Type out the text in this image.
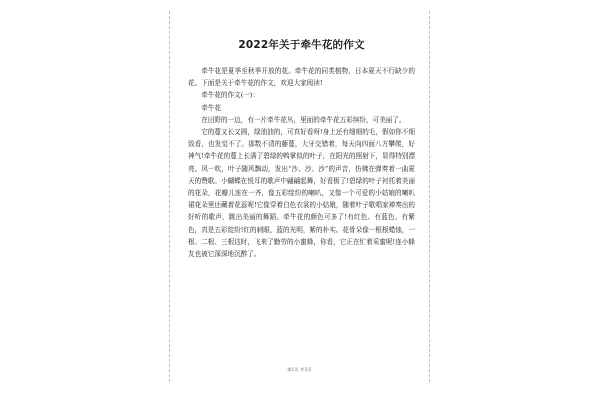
2022年关于牵牛花的作文

牵牛花是夏季至秋季开放的花。牵牛花的同类植物，日本夏天不行缺少的花。下面是关于牵牛花的作文，欢迎大家阅读!

牵牛花的作文(一)：

牵牛花

在田野的一边，有一片牵牛花丛，里面的牵牛花五彩缤纷，可美丽了。

它的蔓又长又圆，绿油油的，可真好看呀!身上还有细细的毛，假如你不细致看，也发觉不了。那数不清的藤蔓，大牙交错着，每天向四面八方攀爬，好神气!牵牛花的蔓上长满了碧绿的鸭掌似的叶子，在阳光的照射下，显得特别漂亮。风一吹，叶子随风飘动，发出“沙、沙、沙”的声音，仿佛在弹奏着一曲夏天的赞歌。小蝴蝶在悦耳的歌声中翩翩起舞，好看极了!碧绿的叶子衬托着美丽的花朵，花瓣儿连在一齐，像五彩绽纷的喇叭，又像一个可爱的小姑娘的喇叭裙花朵里还藏着花蕊呢!它像穿着白色衣裳的小姑娘，随着叶子歌唱家禅奏出的好听的歌声，跳出美丽的舞蹈。牵牛花的颜色可多了!有红色、有蓝色、有紫色，真是五彩绽纷!红的刺眼，蓝的光明，紫的朴实。花骨朵像一根根蜡烛，一根、二根、三根这时，飞来了勤劳的小蜜蜂，你看，它正在忙着采蜜呢!连小蜂友也被它深深地沉醉了。

第1页 共5页
